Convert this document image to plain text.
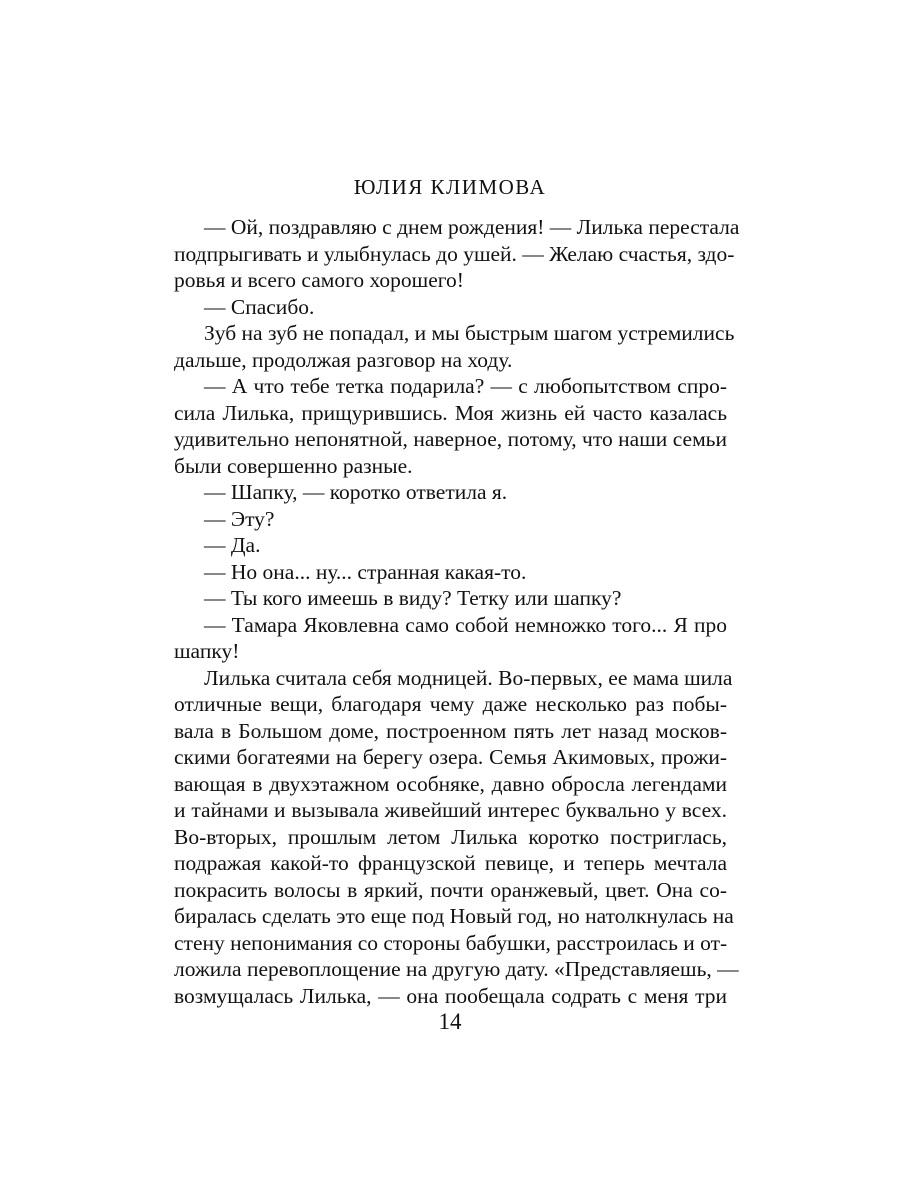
ЮЛИЯ КЛИМОВА
— Ой, поздравляю с днем рождения! — Лилька перестала
подпрыгивать и улыбнулась до ушей. — Желаю счастья, здо-
ровья и всего самого хорошего!
— Спасибо.
Зуб на зуб не попадал, и мы быстрым шагом устремились
дальше, продолжая разговор на ходу.
— А что тебе тетка подарила? — с любопытством спро-
сила Лилька, прищурившись. Моя жизнь ей часто казалась
удивительно непонятной, наверное, потому, что наши семьи
были совершенно разные.
— Шапку, — коротко ответила я.
— Эту?
— Да.
— Но она... ну... странная какая-то.
— Ты кого имеешь в виду? Тетку или шапку?
— Тамара Яковлевна само собой немножко того... Я про
шапку!
Лилька считала себя модницей. Во-первых, ее мама шила
отличные вещи, благодаря чему даже несколько раз побы-
вала в Большом доме, построенном пять лет назад москов-
скими богатеями на берегу озера. Семья Акимовых, прожи-
вающая в двухэтажном особняке, давно обросла легендами
и тайнами и вызывала живейший интерес буквально у всех.
Во-вторых, прошлым летом Лилька коротко постриглась,
подражая какой-то французской певице, и теперь мечтала
покрасить волосы в яркий, почти оранжевый, цвет. Она со-
биралась сделать это еще под Новый год, но натолкнулась на
стену непонимания со стороны бабушки, расстроилась и от-
ложила перевоплощение на другую дату. «Представляешь, —
возмущалась Лилька, — она пообещала содрать с меня три
14
